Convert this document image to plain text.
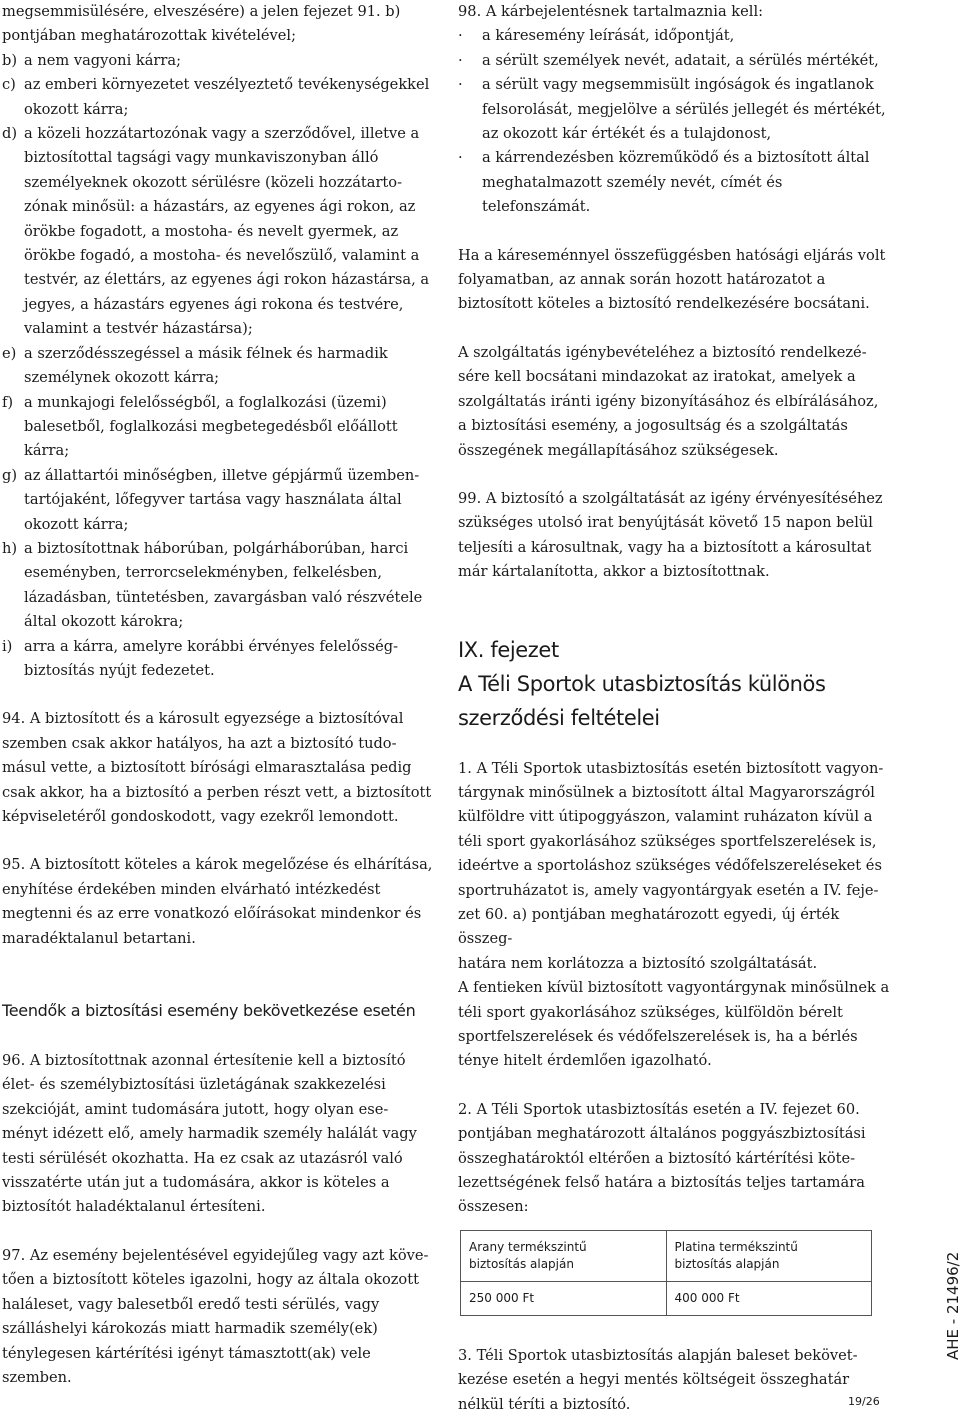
megsemmisülésére, elveszésére) a jelen fejezet 91. b) pontjában meghatározottak kivételével;
b) a nem vagyoni kárra;
c) az emberi környezetet veszélyeztető tevékenységekkel okozott kárra;
d) a közeli hozzátartozónak vagy a szerződővel, illetve a biztosítottal tagsági vagy munkaviszonyban álló személyeknek okozott sérülésre (közeli hozzátarto-
zónak minősül: a házastárs, az egyenes ági rokon, az örökbe fogadott, a mostoha- és nevelt gyermek, az örökbe fogadó, a mostoha- és nevelőszülő, valamint a testvér, az élettárs, az egyenes ági rokon házastársa, a jegyes, a házastárs egyenes ági rokona és testvére, valamint a testvér házastársa);
e) a szerződésszegéssel a másik félnek és harmadik személynek okozott kárra;
f) a munkajogi felelősségből, a foglalkozási (üzemi) balesetből, foglalkozási megbetegedésből előállott kárra;
g) az állattartói minőségben, illetve gépjármű üzemben-
tartójaként, lőfegyver tartása vagy használata által okozott kárra;
h) a biztosítottnak háborúban, polgárháborúban, harci eseményben, terrorcselekményben, felkelésben, lázadásban, tüntetésben, zavargásban való részvétele által okozott károkra;
i) arra a kárra, amelyre korábbi érvényes felelősség-
biztosítás nyújt fedezetet.
94. A biztosított és a károsult egyezsége a biztosítóval szemben csak akkor hatályos, ha azt a biztosító tudo-
másul vette, a biztosított bírósági elmarasztalása pedig csak akkor, ha a biztosító a perben részt vett, a biztosított képviseletéről gondoskodott, vagy ezekről lemondott.
95. A biztosított köteles a károk megelőzése és elhárítása, enyhítése érdekében minden elvárható intézkedést megtenni és az erre vonatkozó előírásokat mindenkor és maradéktalanul betartani.
Teendők a biztosítási esemény bekövetkezése esetén
96. A biztosítottnak azonnal értesítenie kell a biztosító élet- és személybiztosítási üzletágának szakkezelési szekcióját, amint tudomására jutott, hogy olyan ese-
ményt idézett elő, amely harmadik személy halálát vagy testi sérülését okozhatta. Ha ez csak az utazásról való visszatérte után jut a tudomására, akkor is köteles a biztosítót haladéktalanul értesíteni.
97. Az esemény bejelentésével egyidejűleg vagy azt köve-
tően a biztosított köteles igazolni, hogy az általa okozott haláleset, vagy balesetből eredő testi sérülés, vagy szálláshelyi károkozás miatt harmadik személy(ek) ténylegesen kártérítési igényt támasztott(ak) vele szemben.
98. A kárbejelentésnek tartalmaznia kell:
·	a káresemény leírását, időpontját,
·	a sérült személyek nevét, adatait, a sérülés mértékét,
·	a sérült vagy megsemmisült ingóságok és ingatlanok felsorolását, megjelölve a sérülés jellegét és mértékét, az okozott kár értékét és a tulajdonost,
·	a kárrendezésben közreműködő és a biztosított által meghatalmazott személy nevét, címét és telefonszámát.
Ha a káreseménnyel összefüggésben hatósági eljárás volt folyamatban, az annak során hozott határozatot a biztosított köteles a biztosító rendelkezésére bocsátani.
A szolgáltatás igénybevételéhez a biztosító rendelkezé-
sére kell bocsátani mindazokat az iratokat, amelyek a szolgáltatás iránti igény bizonyításához és elbírálásához, a biztosítási esemény, a jogosultság és a szolgáltatás összegének megállapításához szükségesek.
99. A biztosító a szolgáltatását az igény érvényesítéséhez szükséges utolsó irat benyújtását követő 15 napon belül teljesíti a károsultnak, vagy ha a biztosított a károsultat már kártalanította, akkor a biztosítottnak.
IX. fejezet
A Téli Sportok utasbiztosítás különös szerződési feltételei
1. A Téli Sportok utasbiztosítás esetén biztosított vagyon-
tárgynak minősülnek a biztosított által Magyarországról külföldre vitt útipoggyászon, valamint ruházaton kívül a téli sport gyakorlásához szükséges sportfelszerelések is, ideértve a sportoláshoz szükséges védőfelszereléseket és sportruházatot is, amely vagyontárgyak esetén a IV. feje-
zet 60. a) pontjában meghatározott egyedi, új érték összeg-
határa nem korlátozza a biztosító szolgáltatását.
A fentieken kívül biztosított vagyontárgynak minősülnek a téli sport gyakorlásához szükséges, külföldön bérelt sportfelszerelések és védőfelszerelések is, ha a bérlés ténye hitelt érdemlően igazolható.
2. A Téli Sportok utasbiztosítás esetén a IV. fejezet 60. pontjában meghatározott általános poggyászbiztosítási összeghatároktól eltérően a biztosító kártérítési köte-
lezettségének felső határa a biztosítás teljes tartamára összesen:
Arany termékszintű
biztosítás alapján	Platina termékszintű
biztosítás alapján
250 000 Ft	400 000 Ft
3. Téli Sportok utasbiztosítás alapján baleset bekövet-
kezése esetén a hegyi mentés költségeit összeghatár nélkül téríti a biztosító.
AHE - 21496/2
19/26
